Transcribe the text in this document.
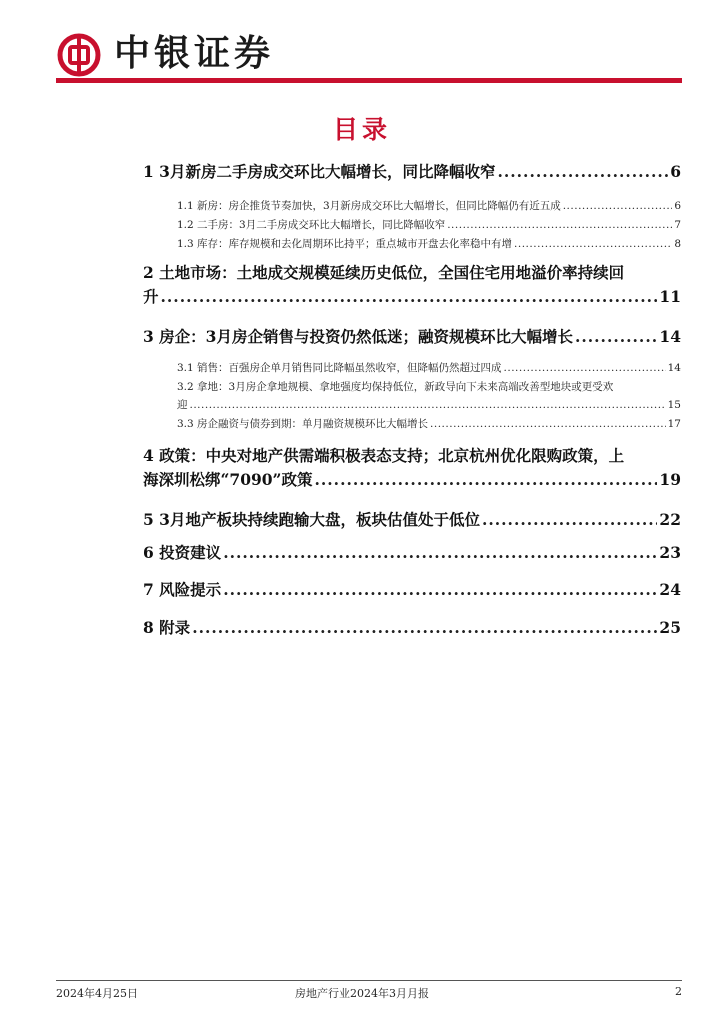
中银证券
目录
1 3月新房二手房成交环比大幅增长，同比降幅收窄 .....	6
1.1 新房：房企推货节奏加快，3月新房成交环比大幅增长，但同比降幅仍有近五成 .....	6
1.2 二手房：3月二手房成交环比大幅增长，同比降幅收窄 .....	7
1.3 库存：库存规模和去化周期环比持平；重点城市开盘去化率稳中有增 .....	8
2 土地市场：土地成交规模延续历史低位，全国住宅用地溢价率持续回
升 .....	11
3 房企：3月房企销售与投资仍然低迷；融资规模环比大幅增长 .....	14
3.1 销售：百强房企单月销售同比降幅虽然收窄，但降幅仍然超过四成 .....	14
3.2 拿地：3月房企拿地规模、拿地强度均保持低位，新政导向下未来高端改善型地块或更受欢
迎 .....	15
3.3 房企融资与债券到期：单月融资规模环比大幅增长 .....	17
4 政策：中央对地产供需端积极表态支持；北京杭州优化限购政策，上
海深圳松绑“7090”政策 .....	19
5 3月地产板块持续跑输大盘，板块估值处于低位 .....	22
6 投资建议 .....	23
7 风险提示 .....	24
8 附录 .....	25
2024年4月25日	房地产行业2024年3月月报	2
